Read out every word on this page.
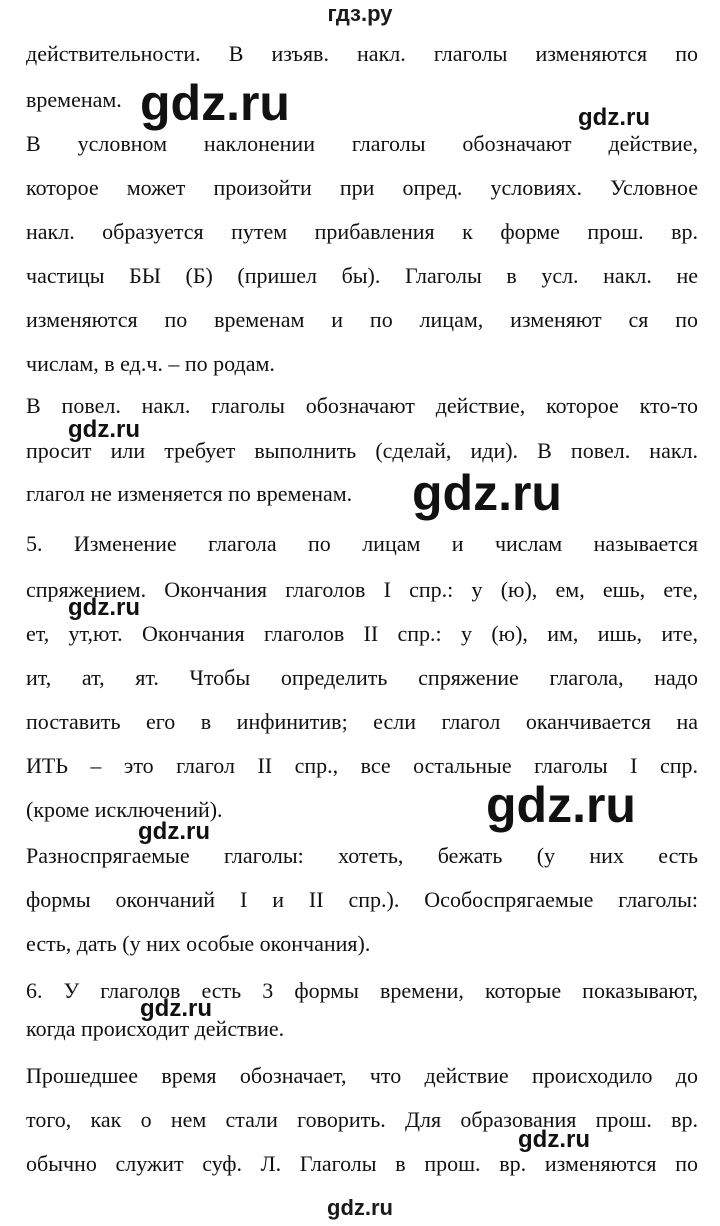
гдз.ру
действительности. В изъяв. накл. глаголы изменяются по
временам.
В условном наклонении глаголы обозначают действие,
которое может произойти при опред. условиях. Условное
накл. образуется путем прибавления к форме прош. вр.
частицы БЫ (Б) (пришел бы). Глаголы в усл. накл. не
изменяются по временам и по лицам, изменяют ся по
числам, в ед.ч. – по родам.
В повел. накл. глаголы обозначают действие, которое кто-то
просит или требует выполнить (сделай, иди). В повел. накл.
глагол не изменяется по временам.
5. Изменение глагола по лицам и числам называется
спряжением. Окончания глаголов I спр.: у (ю), ем, ешь, ете,
ет, ут,ют. Окончания глаголов II спр.: у (ю), им, ишь, ите,
ит, ат, ят. Чтобы определить спряжение глагола, надо
поставить его в инфинитив; если глагол оканчивается на
ИТЬ – это глагол II спр., все остальные глаголы I спр.
(кроме исключений).
Разноспрягаемые глаголы: хотеть, бежать (у них есть
формы окончаний I и II спр.). Особоспрягаемые глаголы:
есть, дать (у них особые окончания).
6. У глаголов есть 3 формы времени, которые показывают,
когда происходит действие.
Прошедшее время обозначает, что действие происходило до
того, как о нем стали говорить. Для образования прош. вр.
обычно служит суф. Л. Глаголы в прош. вр. изменяются по
gdz.ru	gdz.ru
gdz.ru
gdz.ru
gdz.ru
gdz.ru
gdz.ru
gdz.ru
gdz.ru
gdz.ru
